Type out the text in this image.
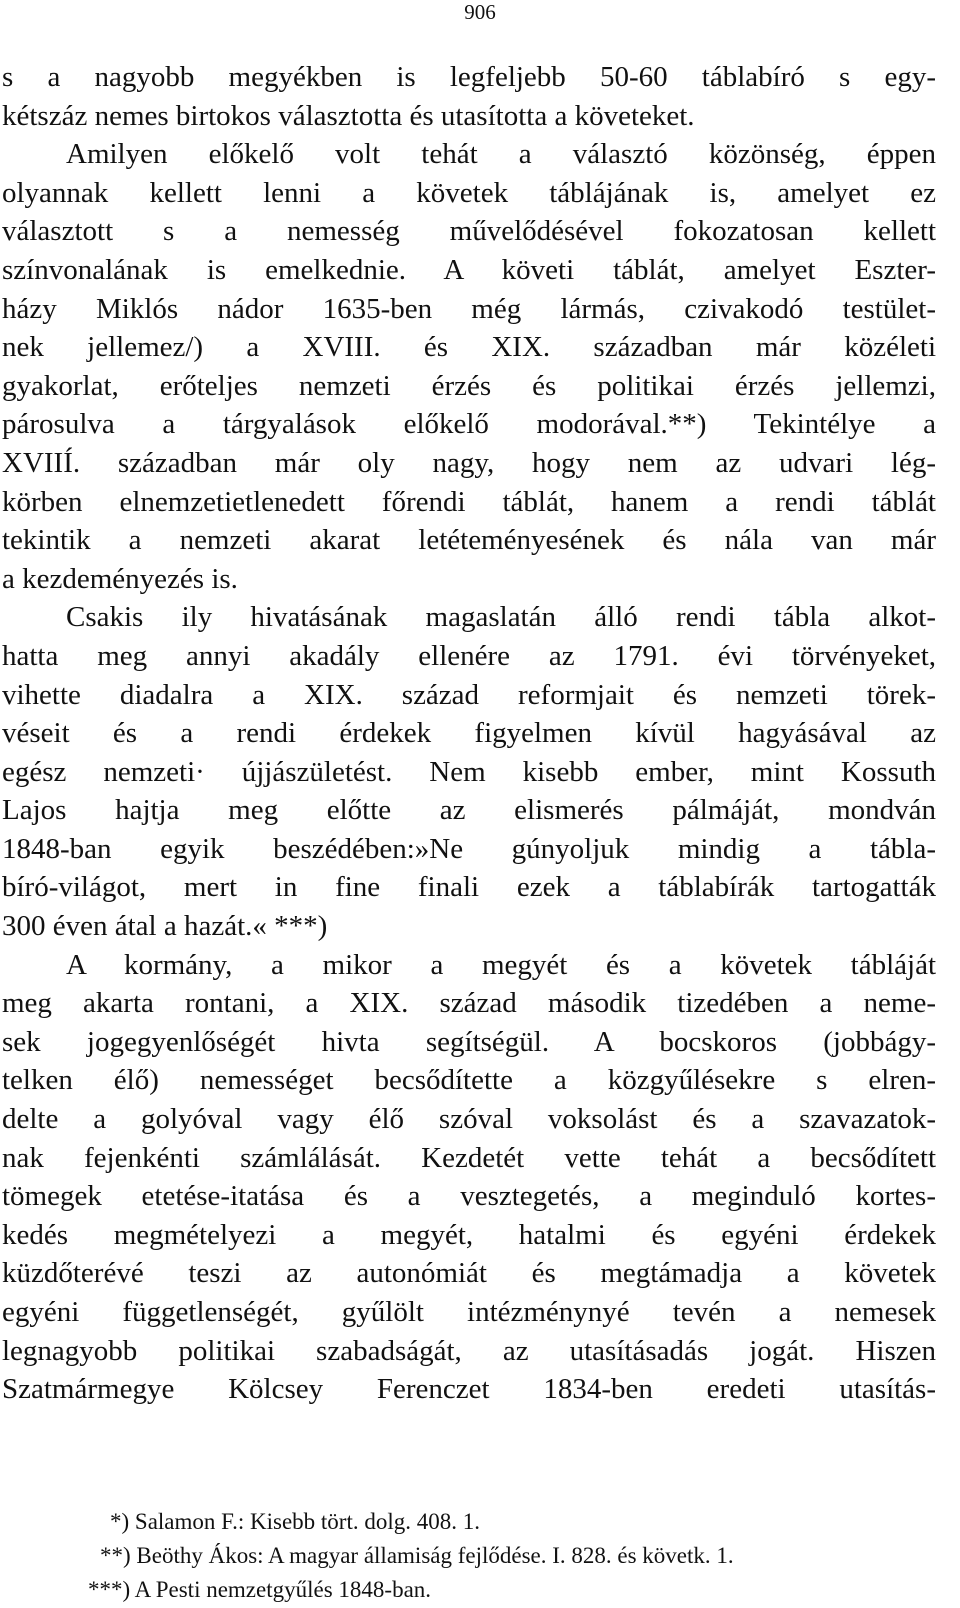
906
s a nagyobb megyékben is legfeljebb 50-60 táblabíró s egy-
kétszáz nemes birtokos választotta és utasította a követeket.
Amilyen előkelő volt tehát a választó közönség, éppen
olyannak kellett lenni a követek táblájának is, amelyet ez
választott s a nemesség művelődésével fokozatosan kellett
színvonalának is emelkednie. A követi táblát, amelyet Eszter-
házy Miklós nádor 1635-ben még lármás, czivakodó testület-
nek jellemez/) a XVIII. és XIX. században már közéleti
gyakorlat, erőteljes nemzeti érzés és politikai érzés jellemzi,
párosulva a tárgyalások előkelő modorával.**) Tekintélye a
XVIIÍ. században már oly nagy, hogy nem az udvari lég-
körben elnemzetietlenedett főrendi táblát, hanem a rendi táblát
tekintik a nemzeti akarat letéteményesének és nála van már
a kezdeményezés is.
Csakis ily hivatásának magaslatán álló rendi tábla alkot-
hatta meg annyi akadály ellenére az 1791. évi törvényeket,
vihette diadalra a XIX. század reformjait és nemzeti törek-
véseit és a rendi érdekek figyelmen kívül hagyásával az
egész nemzeti· újjászületést. Nem kisebb ember, mint Kossuth
Lajos hajtja meg előtte az elismerés pálmáját, mondván
1848-ban egyik beszédében:»Ne gúnyoljuk mindig a tábla-
bíró-világot, mert in fine finali ezek a táblabírák tartogatták
300 éven átal a hazát.« ***)
A kormány, a mikor a megyét és a követek tábláját
meg akarta rontani, a XIX. század második tizedében a neme-
sek jogegyenlőségét hivta segítségül. A bocskoros (jobbágy-
telken élő) nemességet becsődítette a közgyűlésekre s elren-
delte a golyóval vagy élő szóval voksolást és a szavazatok-
nak fejenkénti számlálását. Kezdetét vette tehát a becsődített
tömegek etetése-itatása és a vesztegetés, a meginduló kortes-
kedés megmételyezi a megyét, hatalmi és egyéni érdekek
küzdőterévé teszi az autonómiát és megtámadja a követek
egyéni függetlenségét, gyűlölt intézménynyé tevén a nemesek
legnagyobb politikai szabadságát, az utasításadás jogát. Hiszen
Szatmármegye Kölcsey Ferenczet 1834-ben eredeti utasítás-
*) Salamon F.: Kisebb tört. dolg. 408. 1.
**) Beöthy Ákos: A magyar államiság fejlődése. I. 828. és követk. 1.
***) A Pesti nemzetgyűlés 1848-ban.
